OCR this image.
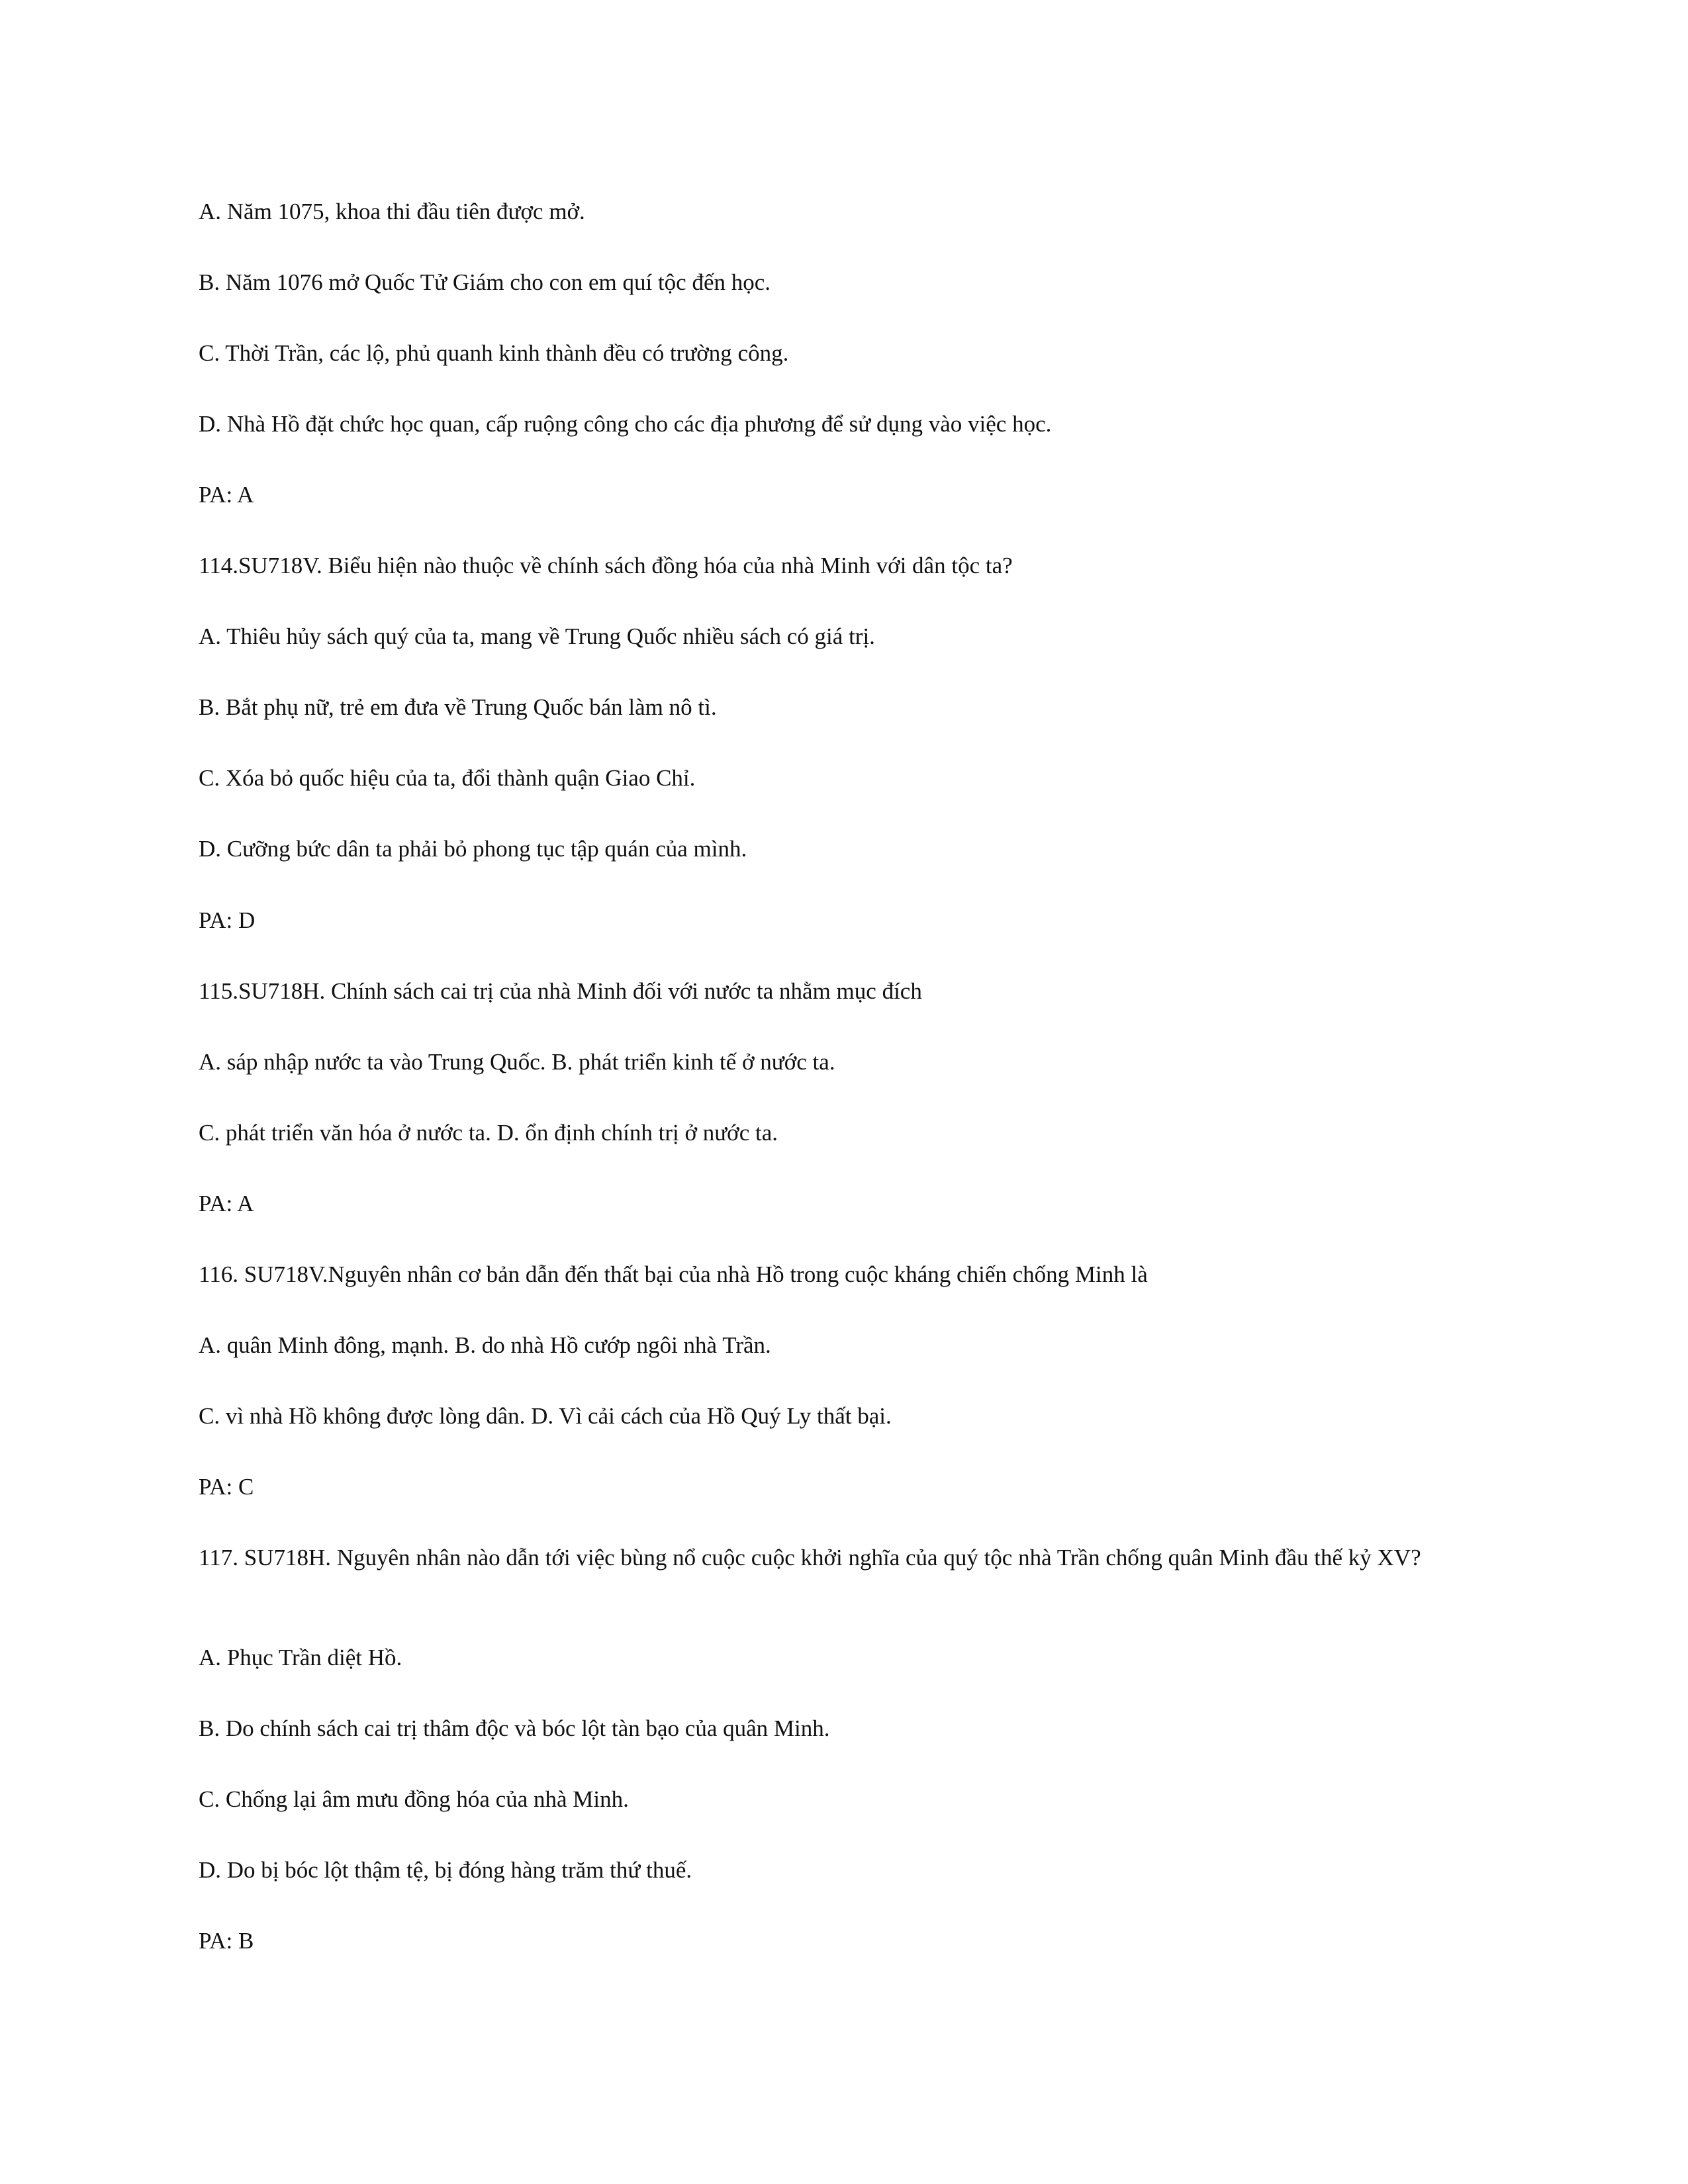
A. Năm 1075, khoa thi đầu tiên được mở.
B. Năm 1076 mở Quốc Tử Giám cho con em quí tộc đến học.
C. Thời Trần, các lộ, phủ quanh kinh thành đều có trường công.
D. Nhà Hồ đặt chức học quan, cấp ruộng công cho các địa phương để sử dụng vào việc học.
PA: A
114.SU718V. Biểu hiện nào thuộc về chính sách đồng hóa của nhà Minh với dân tộc ta?
A. Thiêu hủy sách quý của ta, mang về Trung Quốc nhiều sách có giá trị.
B. Bắt phụ nữ, trẻ em đưa về Trung Quốc bán làm nô tì.
C. Xóa bỏ quốc hiệu của ta, đổi thành quận Giao Chỉ.
D. Cưỡng bức dân ta phải bỏ phong tục tập quán của mình.
PA: D
115.SU718H. Chính sách cai trị của nhà Minh đối với nước ta nhằm mục đích
A. sáp nhập nước ta vào Trung Quốc. B. phát triển kinh tế ở nước ta.
C. phát triển văn hóa ở nước ta. D. ổn định chính trị ở nước ta.
PA: A
116. SU718V.Nguyên nhân cơ bản dẫn đến thất bại của nhà Hồ trong cuộc kháng chiến chống Minh là
A. quân Minh đông, mạnh. B. do nhà Hồ cướp ngôi nhà Trần.
C. vì nhà Hồ không được lòng dân. D. Vì cải cách của Hồ Quý Ly thất bại.
PA: C
117. SU718H. Nguyên nhân nào dẫn tới việc bùng nổ cuộc cuộc khởi nghĩa của quý tộc nhà Trần chống quân Minh đầu thế kỷ XV?
A. Phục Trần diệt Hồ.
B. Do chính sách cai trị thâm độc và bóc lột tàn bạo của quân Minh.
C. Chống lại âm mưu đồng hóa của nhà Minh.
D. Do bị bóc lột thậm tệ, bị đóng hàng trăm thứ thuế.
PA: B
